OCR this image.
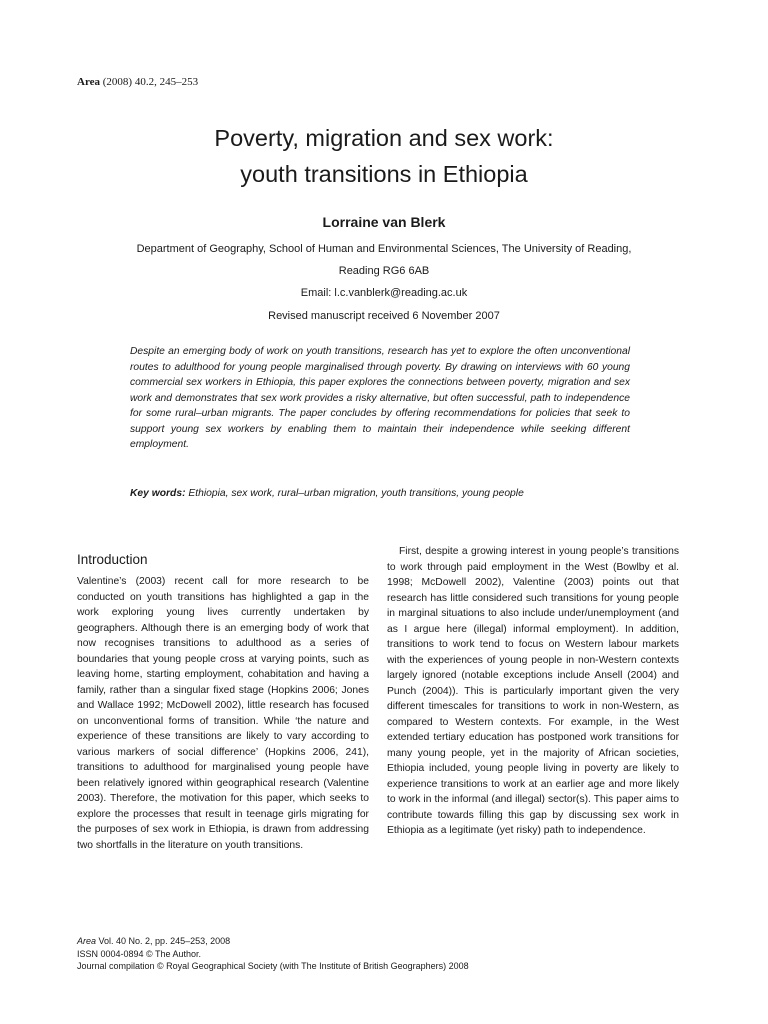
Area (2008) 40.2, 245–253
Poverty, migration and sex work:
youth transitions in Ethiopia
Lorraine van Blerk
Department of Geography, School of Human and Environmental Sciences, The University of Reading,
Reading RG6 6AB
Email: l.c.vanblerk@reading.ac.uk
Revised manuscript received 6 November 2007

Despite an emerging body of work on youth transitions, research has yet to explore the often unconventional routes to adulthood for young people marginalised through poverty. By drawing on interviews with 60 young commercial sex workers in Ethiopia, this paper explores the connections between poverty, migration and sex work and demonstrates that sex work provides a risky alternative, but often successful, path to independence for some rural–urban migrants. The paper concludes by offering recommendations for policies that seek to support young sex workers by enabling them to maintain their independence while seeking different employment.

Key words: Ethiopia, sex work, rural–urban migration, youth transitions, young people
Introduction

Valentine’s (2003) recent call for more research to be conducted on youth transitions has highlighted a gap in the work exploring young lives currently undertaken by geographers. Although there is an emerging body of work that now recognises transitions to adulthood as a series of boundaries that young people cross at varying points, such as leaving home, starting employment, cohabitation and having a family, rather than a singular fixed stage (Hopkins 2006; Jones and Wallace 1992; McDowell 2002), little research has focused on unconventional forms of transition. While ‘the nature and experience of these transitions are likely to vary according to various markers of social difference’ (Hopkins 2006, 241), transitions to adulthood for marginalised young people have been relatively ignored within geographical research (Valentine 2003). Therefore, the motivation for this paper, which seeks to explore the processes that result in teenage girls migrating for the purposes of sex work in Ethiopia, is drawn from addressing two shortfalls in the literature on youth transitions.

First, despite a growing interest in young people’s transitions to work through paid employment in the West (Bowlby et al. 1998; McDowell 2002), Valentine (2003) points out that research has little considered such transitions for young people in marginal situations to also include under/unemployment (and as I argue here (illegal) informal employment). In addition, transitions to work tend to focus on Western labour markets with the experiences of young people in non-Western contexts largely ignored (notable exceptions include Ansell (2004) and Punch (2004)). This is particularly important given the very different timescales for transitions to work in non-Western, as compared to Western contexts. For example, in the West extended tertiary education has postponed work transitions for many young people, yet in the majority of African societies, Ethiopia included, young people living in poverty are likely to experience transitions to work at an earlier age and more likely to work in the informal (and illegal) sector(s). This paper aims to contribute towards filling this gap by discussing sex work in Ethiopia as a legitimate (yet risky) path to independence.

Area Vol. 40 No. 2, pp. 245–253, 2008
ISSN 0004-0894 © The Author.
Journal compilation © Royal Geographical Society (with The Institute of British Geographers) 2008
